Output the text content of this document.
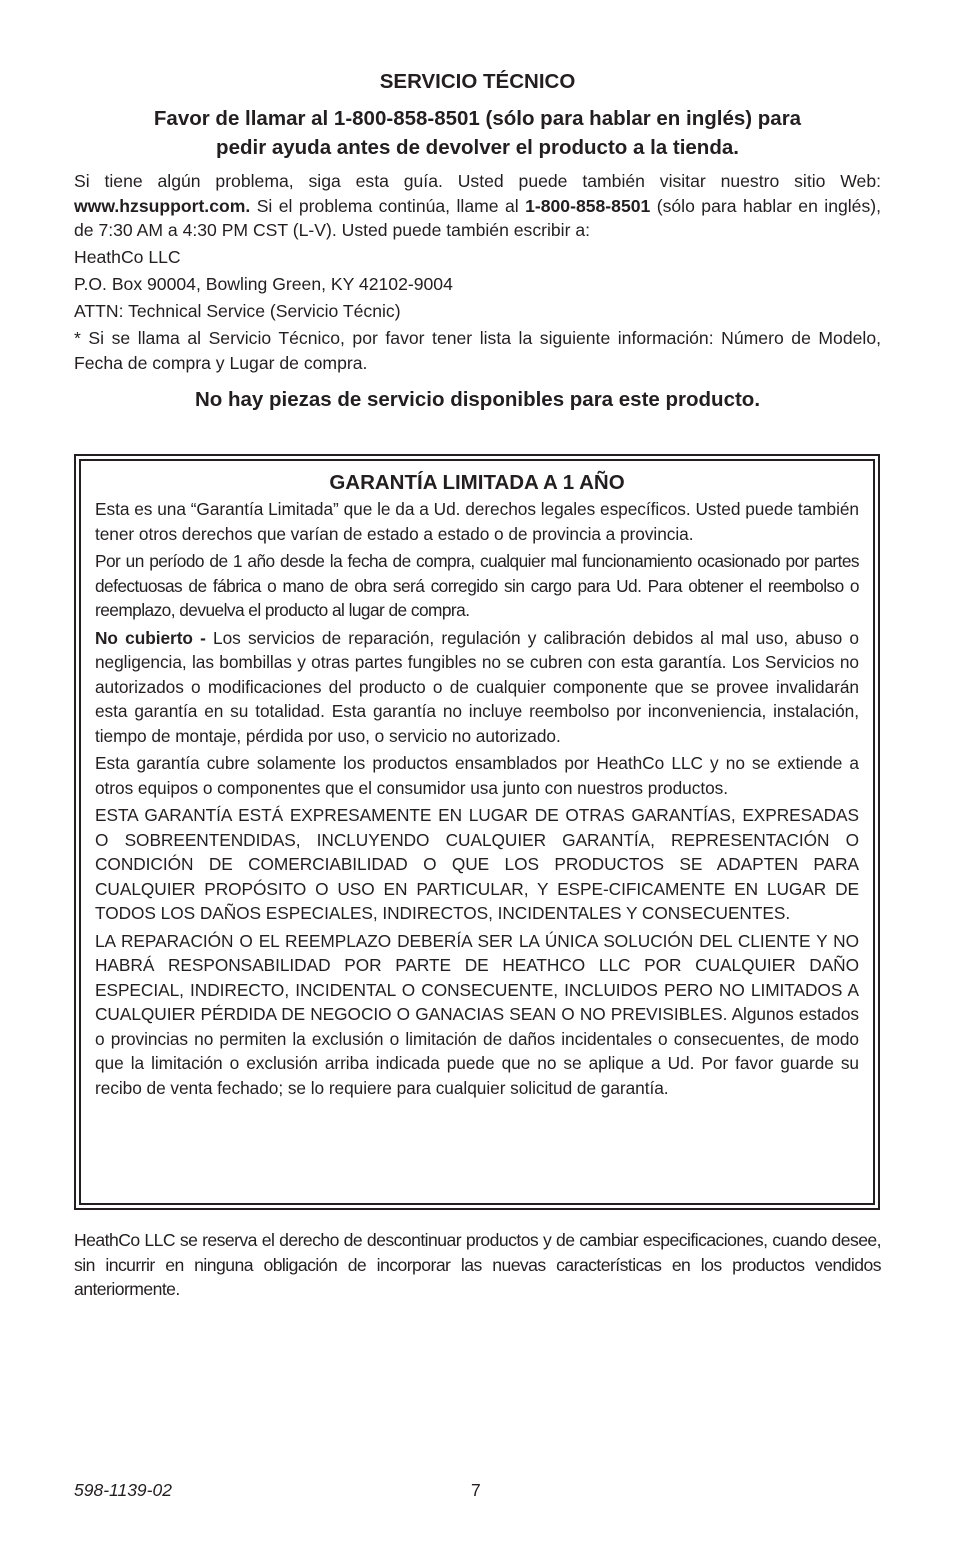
SERVICIO TÉCNICO
Favor de llamar al 1-800-858-8501 (sólo para hablar en inglés) para
pedir ayuda antes de devolver el producto a la tienda.

Si tiene algún problema, siga esta guía. Usted puede también visitar nuestro sitio Web: www.hzsupport.com. Si el problema continúa, llame al 1-800-858-8501 (sólo para hablar en inglés), de 7:30 AM a 4:30 PM CST (L-V). Usted puede también escribir a:

HeathCo LLC

P.O. Box 90004, Bowling Green, KY 42102-9004

ATTN: Technical Service (Servicio Técnic)

* Si se llama al Servicio Técnico, por favor tener lista la siguiente información: Número de Modelo, Fecha de compra y Lugar de compra.

No hay piezas de servicio disponibles para este producto.
GARANTÍA LIMITADA A 1 AÑO

Esta es una “Garantía Limitada” que le da a Ud. derechos legales específicos. Usted puede también tener otros derechos que varían de estado a estado o de provincia a provincia.

Por un período de 1 año desde la fecha de compra, cualquier mal funcionamiento ocasionado por partes defectuosas de fábrica o mano de obra será corregido sin cargo para Ud. Para obtener el reembolso o reemplazo, devuelva el producto al lugar de compra.

No cubierto - Los servicios de reparación, regulación y calibración debidos al mal uso, abuso o negligencia, las bombillas y otras partes fungibles no se cubren con esta garantía. Los Servicios no autorizados o modificaciones del producto o de cualquier componente que se provee invalidarán esta garantía en su totalidad. Esta garantía no incluye reembolso por inconveniencia, instalación, tiempo de montaje, pérdida por uso, o servicio no autorizado.

Esta garantía cubre solamente los productos ensamblados por HeathCo LLC y no se extiende a otros equipos o componentes que el consumidor usa junto con nuestros productos.

ESTA GARANTÍA ESTÁ EXPRESAMENTE EN LUGAR DE OTRAS GARANTÍAS, EXPRESADAS O SOBREENTENDIDAS, INCLUYENDO CUALQUIER GARANTÍA, REPRESENTACIÓN O CONDICIÓN DE COMERCIABILIDAD O QUE LOS PRODUCTOS SE ADAPTEN PARA CUALQUIER PROPÓSITO O USO EN PARTICULAR, Y ESPE-CIFICAMENTE EN LUGAR DE TODOS LOS DAÑOS ESPECIALES, INDIRECTOS, INCIDENTALES Y CONSECUENTES.

LA REPARACIÓN O EL REEMPLAZO DEBERÍA SER LA ÚNICA SOLUCIÓN DEL CLIENTE Y NO HABRÁ RESPONSABILIDAD POR PARTE DE HEATHCO LLC POR CUALQUIER DAÑO ESPECIAL, INDIRECTO, INCIDENTAL O CONSECUENTE, INCLUIDOS PERO NO LIMITADOS A CUALQUIER PÉRDIDA DE NEGOCIO O GANACIAS SEAN O NO PREVISIBLES. Algunos estados o provincias no permiten la exclusión o limitación de daños incidentales o consecuentes, de modo que la limitación o exclusión arriba indicada puede que no se aplique a Ud. Por favor guarde su recibo de venta fechado; se lo requiere para cualquier solicitud de garantía.

HeathCo LLC se reserva el derecho de descontinuar productos y de cambiar especificaciones, cuando desee, sin incurrir en ninguna obligación de incorporar las nuevas características en los productos vendidos anteriormente.

598-1139-02	7
